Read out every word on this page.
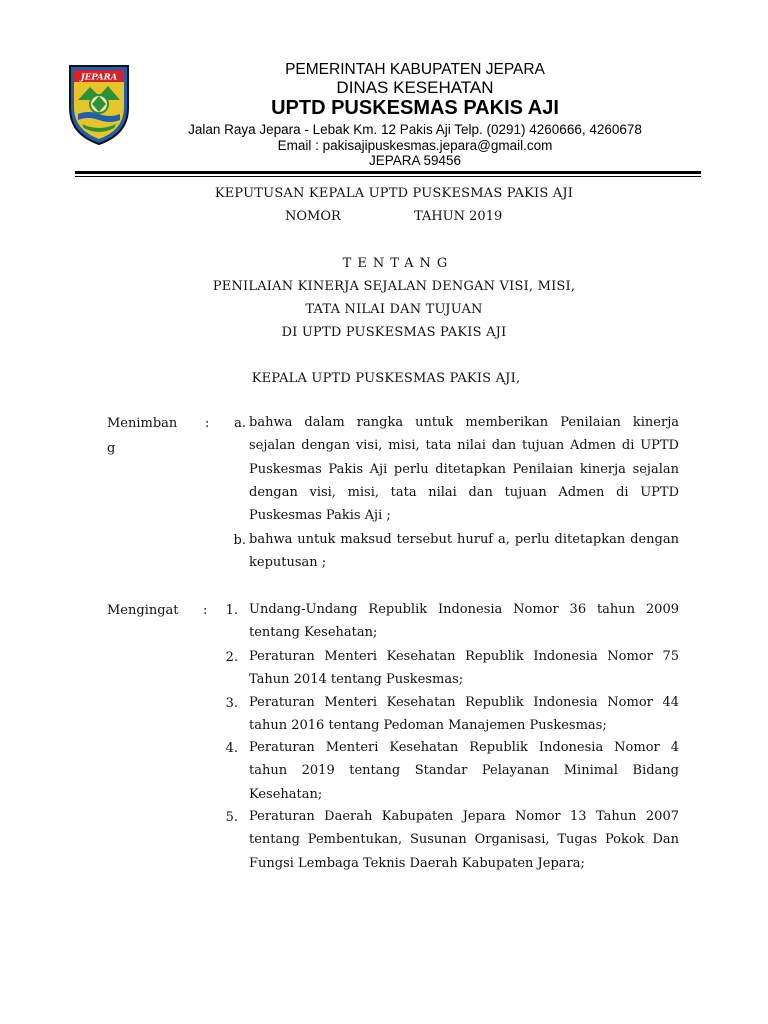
JEPARA	PEMERINTAH KABUPATEN JEPARA
DINAS KESEHATAN
UPTD PUSKESMAS PAKIS AJI
Jalan Raya Jepara - Lebak Km. 12 Pakis Aji Telp. (0291) 4260666, 4260678
Email : pakisajipuskesmas.jepara@gmail.com
JEPARA 59456
KEPUTUSAN KEPALA UPTD PUSKESMAS PAKIS AJI
NOMOR	TAHUN 2019
TENTANG
PENILAIAN KINERJA SEJALAN DENGAN VISI, MISI,
TATA NILAI DAN TUJUAN
DI UPTD PUSKESMAS PAKIS AJI
KEPALA UPTD PUSKESMAS PAKIS AJI,
Menimban
g
:	a. bahwa dalam rangka untuk memberikan Penilaian kinerja sejalan dengan visi, misi, tata nilai dan tujuan Admen di UPTD Puskesmas Pakis Aji perlu ditetapkan Penilaian kinerja sejalan dengan visi, misi, tata nilai dan tujuan Admen di UPTD Puskesmas Pakis Aji ;
b. bahwa untuk maksud tersebut huruf a, perlu ditetapkan dengan keputusan ;
Mengingat :	1. Undang-Undang Republik Indonesia Nomor 36 tahun 2009 tentang Kesehatan;
2. Peraturan Menteri Kesehatan Republik Indonesia Nomor 75 Tahun 2014 tentang Puskesmas;
3. Peraturan Menteri Kesehatan Republik Indonesia Nomor 44 tahun 2016 tentang Pedoman Manajemen Puskesmas;
4. Peraturan Menteri Kesehatan Republik Indonesia Nomor 4 tahun 2019 tentang Standar Pelayanan Minimal Bidang Kesehatan;
5. Peraturan Daerah Kabupaten Jepara Nomor 13 Tahun 2007 tentang Pembentukan, Susunan Organisasi, Tugas Pokok Dan Fungsi Lembaga Teknis Daerah Kabupaten Jepara;
